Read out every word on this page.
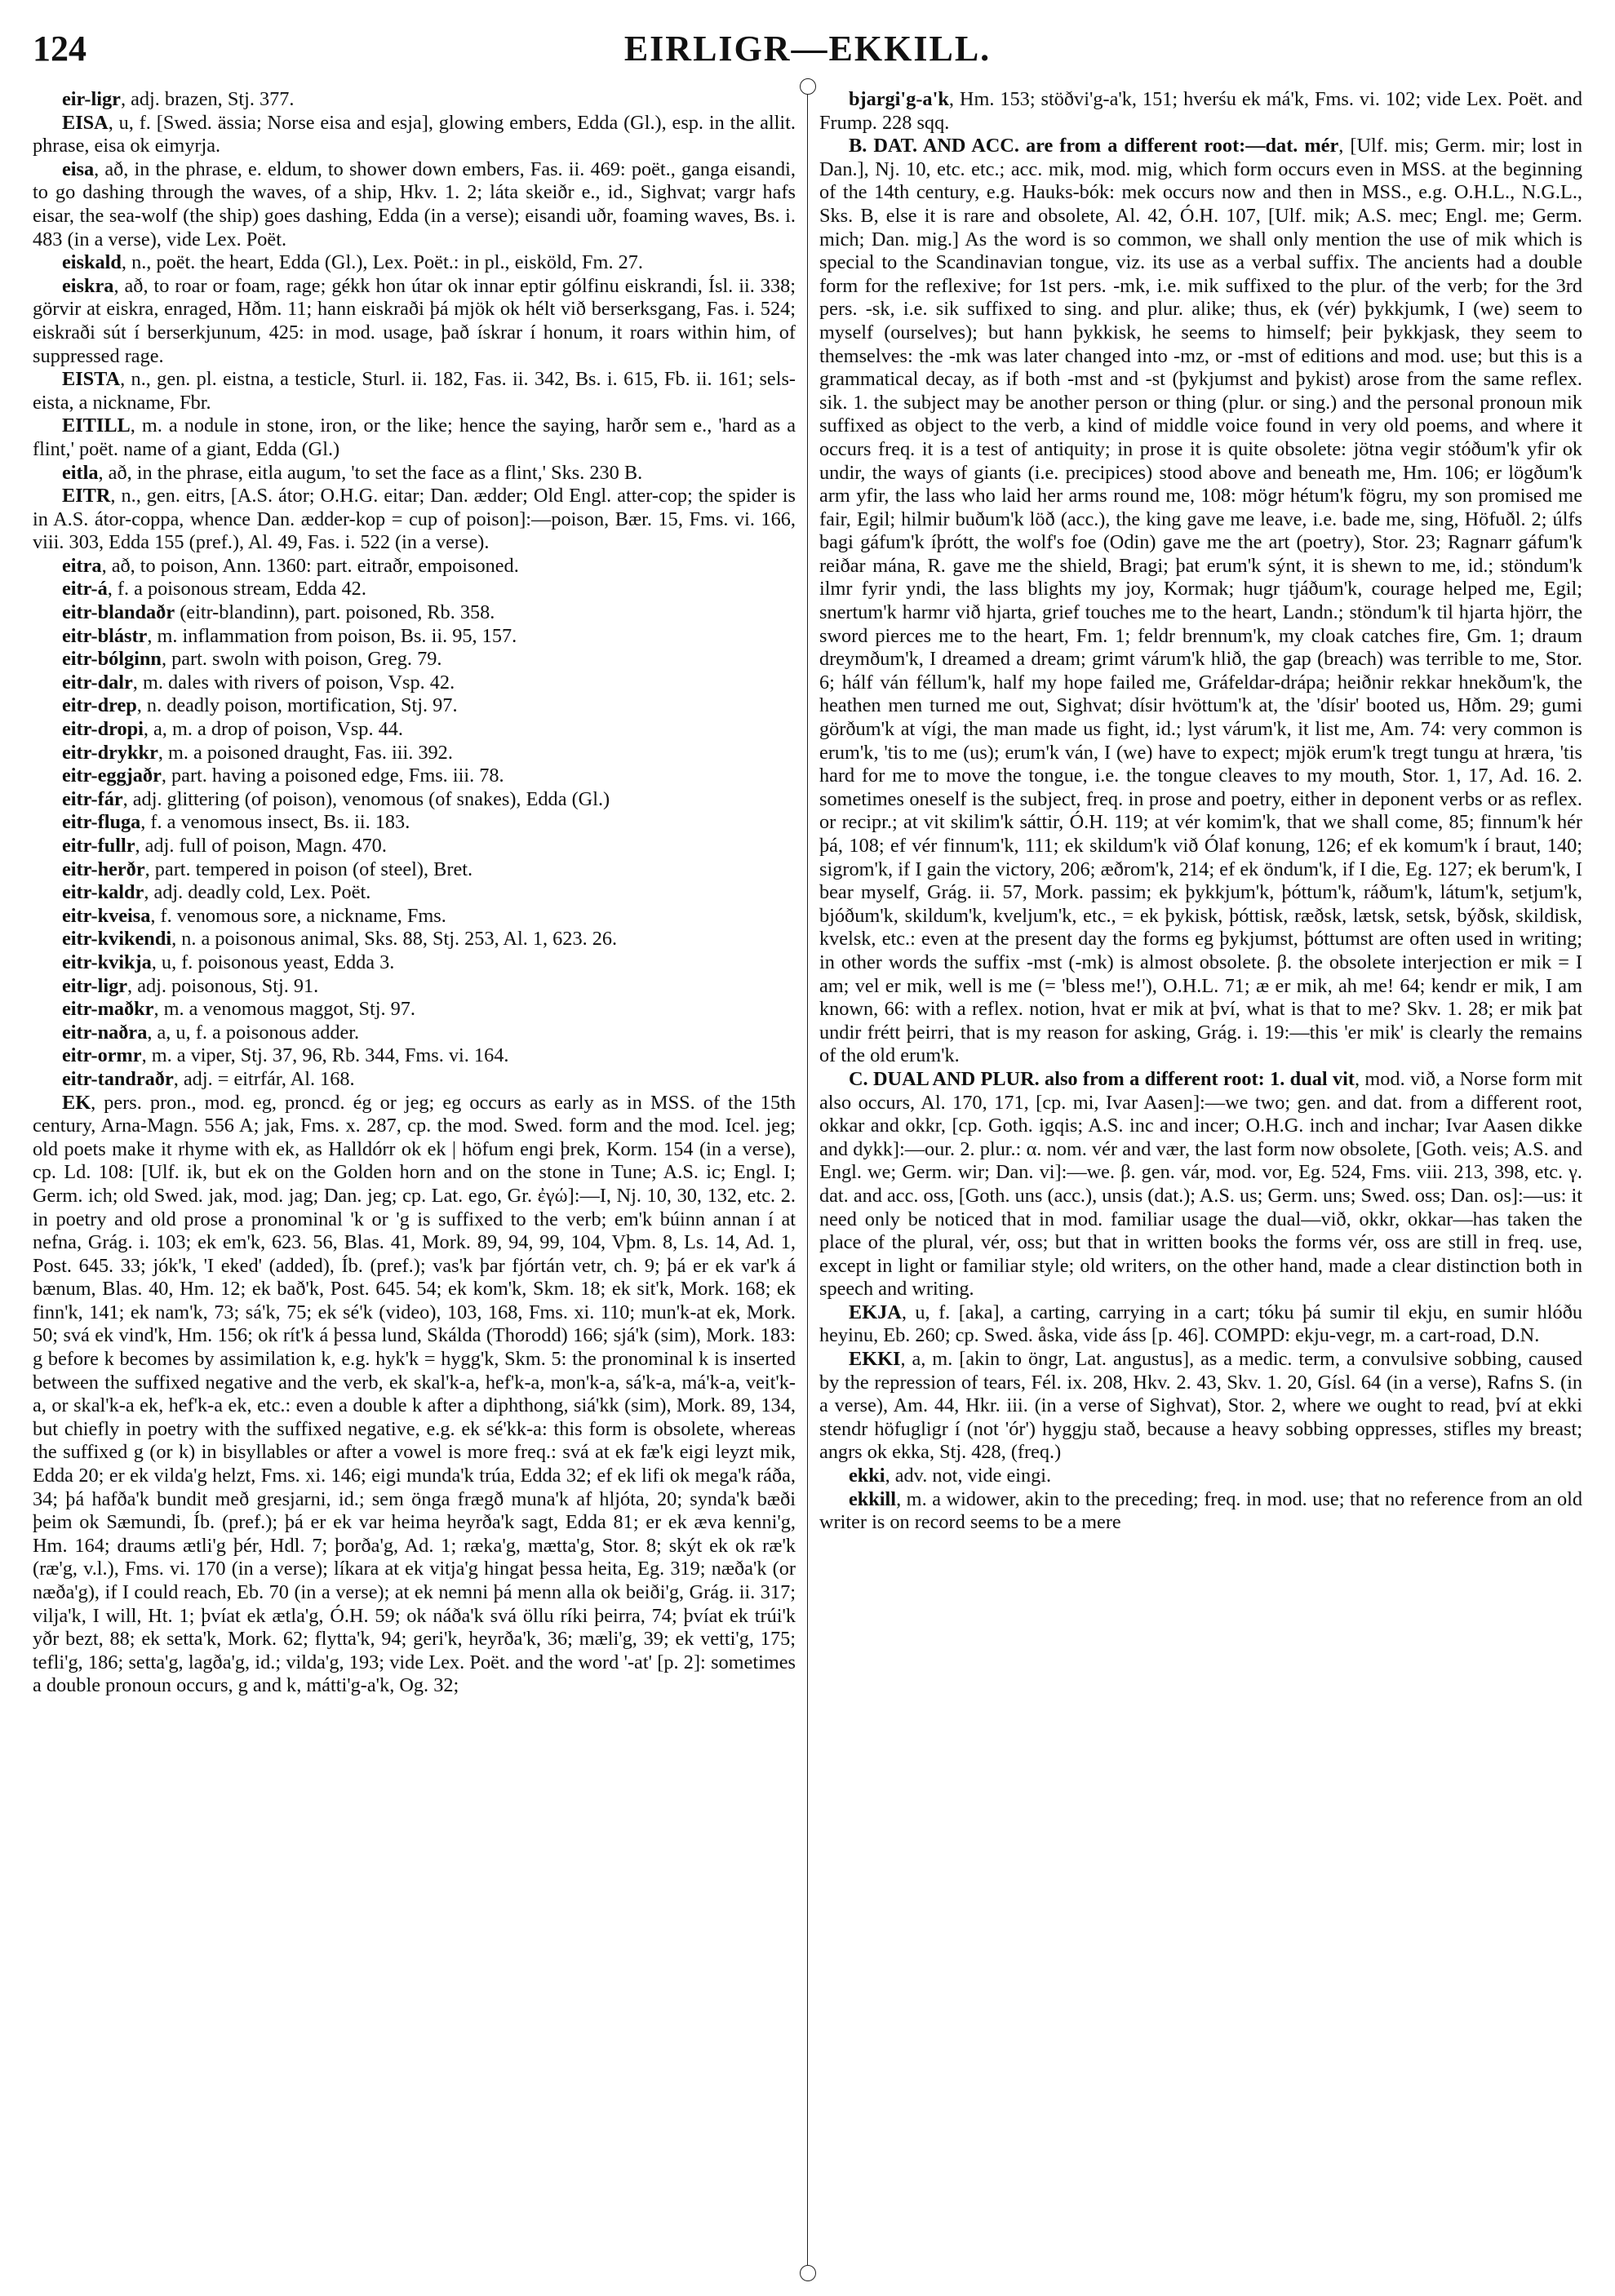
124	EIRLIGR—EKKILL.

eir-ligr, adj. brazen, Stj. 377.

EISA, u, f. [Swed. ässia; Norse eisa and esja], glowing embers, Edda (Gl.), esp. in the allit. phrase, eisa ok eimyrja.

eisa, að, in the phrase, e. eldum, to shower down embers, Fas. ii. 469: poët., ganga eisandi, to go dashing through the waves, of a ship, Hkv. 1. 2; láta skeiðr e., id., Sighvat; vargr hafs eisar, the sea-wolf (the ship) goes dashing, Edda (in a verse); eisandi uðr, foaming waves, Bs. i. 483 (in a verse), vide Lex. Poët.

eiskald, n., poët. the heart, Edda (Gl.), Lex. Poët.: in pl., eisköld, Fm. 27.

eiskra, að, to roar or foam, rage; gékk hon útar ok innar eptir gólfinu eiskrandi, Ísl. ii. 338; görvir at eiskra, enraged, Hðm. 11; hann eiskraði þá mjök ok hélt við berserksgang, Fas. i. 524; eiskraði sút í berserkjunum, 425: in mod. usage, það ískrar í honum, it roars within him, of suppressed rage.

EISTA, n., gen. pl. eistna, a testicle, Sturl. ii. 182, Fas. ii. 342, Bs. i. 615, Fb. ii. 161; sels-eista, a nickname, Fbr.

EITILL, m. a nodule in stone, iron, or the like; hence the saying, harðr sem e., 'hard as a flint,' poët. name of a giant, Edda (Gl.)

eitla, að, in the phrase, eitla augum, 'to set the face as a flint,' Sks. 230 B.

EITR, n., gen. eitrs, [A.S. átor; O.H.G. eitar; Dan. ædder; Old Engl. atter-cop; the spider is in A.S. átor-coppa, whence Dan. ædder-kop = cup of poison]:—poison, Bær. 15, Fms. vi. 166, viii. 303, Edda 155 (pref.), Al. 49, Fas. i. 522 (in a verse).

eitra, að, to poison, Ann. 1360: part. eitraðr, empoisoned.

eitr-á, f. a poisonous stream, Edda 42.

eitr-blandaðr (eitr-blandinn), part. poisoned, Rb. 358.

eitr-blástr, m. inflammation from poison, Bs. ii. 95, 157.

eitr-bólginn, part. swoln with poison, Greg. 79.

eitr-dalr, m. dales with rivers of poison, Vsp. 42.

eitr-drep, n. deadly poison, mortification, Stj. 97.

eitr-dropi, a, m. a drop of poison, Vsp. 44.

eitr-drykkr, m. a poisoned draught, Fas. iii. 392.

eitr-eggjaðr, part. having a poisoned edge, Fms. iii. 78.

eitr-fár, adj. glittering (of poison), venomous (of snakes), Edda (Gl.)

eitr-fluga, f. a venomous insect, Bs. ii. 183.

eitr-fullr, adj. full of poison, Magn. 470.

eitr-herðr, part. tempered in poison (of steel), Bret.

eitr-kaldr, adj. deadly cold, Lex. Poët.

eitr-kveisa, f. venomous sore, a nickname, Fms.

eitr-kvikendi, n. a poisonous animal, Sks. 88, Stj. 253, Al. 1, 623. 26.

eitr-kvikja, u, f. poisonous yeast, Edda 3.

eitr-ligr, adj. poisonous, Stj. 91.

eitr-maðkr, m. a venomous maggot, Stj. 97.

eitr-naðra, a, u, f. a poisonous adder.

eitr-ormr, m. a viper, Stj. 37, 96, Rb. 344, Fms. vi. 164.

eitr-tandraðr, adj. = eitrfár, Al. 168.

EK, pers. pron., mod. eg, proncd. ég or jeg; eg occurs as early as in MSS. of the 15th century, Arna-Magn. 556 A; jak, Fms. x. 287, cp. the mod. Swed. form and the mod. Icel. jeg; old poets make it rhyme with ek, as Halldórr ok ek | höfum engi þrek, Korm. 154 (in a verse), cp. Ld. 108: [Ulf. ik, but ek on the Golden horn and on the stone in Tune; A.S. ic; Engl. I; Germ. ich; old Swed. jak, mod. jag; Dan. jeg; cp. Lat. ego, Gr. ἐγώ]:—I, Nj. 10, 30, 132, etc. 2. in poetry and old prose a pronominal 'k or 'g is suffixed to the verb; em'k búinn annan í at nefna, Grág. i. 103; ek em'k, 623. 56, Blas. 41, Mork. 89, 94, 99, 104, Vþm. 8, Ls. 14, Ad. 1, Post. 645. 33; jók'k, 'I eked' (added), Íb. (pref.); vas'k þar fjórtán vetr, ch. 9; þá er ek var'k á bænum, Blas. 40, Hm. 12; ek bað'k, Post. 645. 54; ek kom'k, Skm. 18; ek sit'k, Mork. 168; ek finn'k, 141; ek nam'k, 73; sá'k, 75; ek sé'k (video), 103, 168, Fms. xi. 110; mun'k-at ek, Mork. 50; svá ek vind'k, Hm. 156; ok rít'k á þessa lund, Skálda (Thorodd) 166; sjá'k (sim), Mork. 183: g before k becomes by assimilation k, e.g. hyk'k = hygg'k, Skm. 5: the pronominal k is inserted between the suffixed negative and the verb, ek skal'k-a, hef'k-a, mon'k-a, sá'k-a, má'k-a, veit'k-a, or skal'k-a ek, hef'k-a ek, etc.: even a double k after a diphthong, siá'kk (sim), Mork. 89, 134, but chiefly in poetry with the suffixed negative, e.g. ek sé'kk-a: this form is obsolete, whereas the suffixed g (or k) in bisyllables or after a vowel is more freq.: svá at ek fæ'k eigi leyzt mik, Edda 20; er ek vilda'g helzt, Fms. xi. 146; eigi munda'k trúa, Edda 32; ef ek lifi ok mega'k ráða, 34; þá hafða'k bundit með gresjarni, id.; sem önga frægð muna'k af hljóta, 20; synda'k bæði þeim ok Sæmundi, Íb. (pref.); þá er ek var heima heyrða'k sagt, Edda 81; er ek æva kenni'g, Hm. 164; draums ætli'g þér, Hdl. 7; þorða'g, Ad. 1; ræka'g, mætta'g, Stor. 8; skýt ek ok ræ'k (ræ'g, v.l.), Fms. vi. 170 (in a verse); líkara at ek vitja'g hingat þessa heita, Eg. 319; næða'k (or næða'g), if I could reach, Eb. 70 (in a verse); at ek nemni þá menn alla ok beiði'g, Grág. ii. 317; vilja'k, I will, Ht. 1; þvíat ek ætla'g, Ó.H. 59; ok náða'k svá öllu ríki þeirra, 74; þvíat ek trúi'k yðr bezt, 88; ek setta'k, Mork. 62; flytta'k, 94; geri'k, heyrða'k, 36; mæli'g, 39; ek vetti'g, 175; tefli'g, 186; setta'g, lagða'g, id.; vilda'g, 193; vide Lex. Poët. and the word '-at' [p. 2]: sometimes a double pronoun occurs, g and k, mátti'g-a'k, Og. 32;

bjargi'g-a'k, Hm. 153; stöðvi'g-a'k, 151; hverśu ek má'k, Fms. vi. 102; vide Lex. Poët. and Frump. 228 sqq.

B. DAT. AND ACC. are from a different root:—dat. mér, [Ulf. mis; Germ. mir; lost in Dan.], Nj. 10, etc. etc.; acc. mik, mod. mig, which form occurs even in MSS. at the beginning of the 14th century, e.g. Hauks-bók: mek occurs now and then in MSS., e.g. O.H.L., N.G.L., Sks. B, else it is rare and obsolete, Al. 42, Ó.H. 107, [Ulf. mik; A.S. mec; Engl. me; Germ. mich; Dan. mig.] As the word is so common, we shall only mention the use of mik which is special to the Scandinavian tongue, viz. its use as a verbal suffix. The ancients had a double form for the reflexive; for 1st pers. -mk, i.e. mik suffixed to the plur. of the verb; for the 3rd pers. -sk, i.e. sik suffixed to sing. and plur. alike; thus, ek (vér) þykkjumk, I (we) seem to myself (ourselves); but hann þykkisk, he seems to himself; þeir þykkjask, they seem to themselves: the -mk was later changed into -mz, or -mst of editions and mod. use; but this is a grammatical decay, as if both -mst and -st (þykjumst and þykist) arose from the same reflex. sik. 1. the subject may be another person or thing (plur. or sing.) and the personal pronoun mik suffixed as object to the verb, a kind of middle voice found in very old poems, and where it occurs freq. it is a test of antiquity; in prose it is quite obsolete: jötna vegir stóðum'k yfir ok undir, the ways of giants (i.e. precipices) stood above and beneath me, Hm. 106; er lögðum'k arm yfir, the lass who laid her arms round me, 108: mögr hétum'k fögru, my son promised me fair, Egil; hilmir buðum'k löð (acc.), the king gave me leave, i.e. bade me, sing, Höfuðl. 2; úlfs bagi gáfum'k íþrótt, the wolf's foe (Odin) gave me the art (poetry), Stor. 23; Ragnarr gáfum'k reiðar mána, R. gave me the shield, Bragi; þat erum'k sýnt, it is shewn to me, id.; stöndum'k ilmr fyrir yndi, the lass blights my joy, Kormak; hugr tjáðum'k, courage helped me, Egil; snertum'k harmr við hjarta, grief touches me to the heart, Landn.; stöndum'k til hjarta hjörr, the sword pierces me to the heart, Fm. 1; feldr brennum'k, my cloak catches fire, Gm. 1; draum dreymðum'k, I dreamed a dream; grimt várum'k hlið, the gap (breach) was terrible to me, Stor. 6; hálf ván féllum'k, half my hope failed me, Gráfeldar-drápa; heiðnir rekkar hnekðum'k, the heathen men turned me out, Sighvat; dísir hvöttum'k at, the 'dísir' booted us, Hðm. 29; gumi görðum'k at vígi, the man made us fight, id.; lyst várum'k, it list me, Am. 74: very common is erum'k, 'tis to me (us); erum'k ván, I (we) have to expect; mjök erum'k tregt tungu at hræra, 'tis hard for me to move the tongue, i.e. the tongue cleaves to my mouth, Stor. 1, 17, Ad. 16. 2. sometimes oneself is the subject, freq. in prose and poetry, either in deponent verbs or as reflex. or recipr.; at vit skilim'k sáttir, Ó.H. 119; at vér komim'k, that we shall come, 85; finnum'k hér þá, 108; ef vér finnum'k, 111; ek skildum'k við Ólaf konung, 126; ef ek komum'k í braut, 140; sigrom'k, if I gain the victory, 206; æðrom'k, 214; ef ek öndum'k, if I die, Eg. 127; ek berum'k, I bear myself, Grág. ii. 57, Mork. passim; ek þykkjum'k, þóttum'k, ráðum'k, látum'k, setjum'k, bjóðum'k, skildum'k, kveljum'k, etc., = ek þykisk, þóttisk, ræðsk, lætsk, setsk, býðsk, skildisk, kvelsk, etc.: even at the present day the forms eg þykjumst, þóttumst are often used in writing; in other words the suffix -mst (-mk) is almost obsolete. β. the obsolete interjection er mik = I am; vel er mik, well is me (= 'bless me!'), O.H.L. 71; æ er mik, ah me! 64; kendr er mik, I am known, 66: with a reflex. notion, hvat er mik at því, what is that to me? Skv. 1. 28; er mik þat undir frétt þeirri, that is my reason for asking, Grág. i. 19:—this 'er mik' is clearly the remains of the old erum'k.

C. DUAL AND PLUR. also from a different root: 1. dual vit, mod. við, a Norse form mit also occurs, Al. 170, 171, [cp. mi, Ivar Aasen]:—we two; gen. and dat. from a different root, okkar and okkr, [cp. Goth. igqis; A.S. inc and incer; O.H.G. inch and inchar; Ivar Aasen dikke and dykk]:—our. 2. plur.: α. nom. vér and vær, the last form now obsolete, [Goth. veis; A.S. and Engl. we; Germ. wir; Dan. vi]:—we. β. gen. vár, mod. vor, Eg. 524, Fms. viii. 213, 398, etc. γ. dat. and acc. oss, [Goth. uns (acc.), unsis (dat.); A.S. us; Germ. uns; Swed. oss; Dan. os]:—us: it need only be noticed that in mod. familiar usage the dual—við, okkr, okkar—has taken the place of the plural, vér, oss; but that in written books the forms vér, oss are still in freq. use, except in light or familiar style; old writers, on the other hand, made a clear distinction both in speech and writing.

EKJA, u, f. [aka], a carting, carrying in a cart; tóku þá sumir til ekju, en sumir hlóðu heyinu, Eb. 260; cp. Swed. åska, vide áss [p. 46]. COMPD: ekju-vegr, m. a cart-road, D.N.

EKKI, a, m. [akin to öngr, Lat. angustus], as a medic. term, a convulsive sobbing, caused by the repression of tears, Fél. ix. 208, Hkv. 2. 43, Skv. 1. 20, Gísl. 64 (in a verse), Rafns S. (in a verse), Am. 44, Hkr. iii. (in a verse of Sighvat), Stor. 2, where we ought to read, því at ekki stendr höfugligr í (not 'ór') hyggju stað, because a heavy sobbing oppresses, stifles my breast; angrs ok ekka, Stj. 428, (freq.)

ekki, adv. not, vide eingi.

ekkill, m. a widower, akin to the preceding; freq. in mod. use; that no reference from an old writer is on record seems to be a mere
